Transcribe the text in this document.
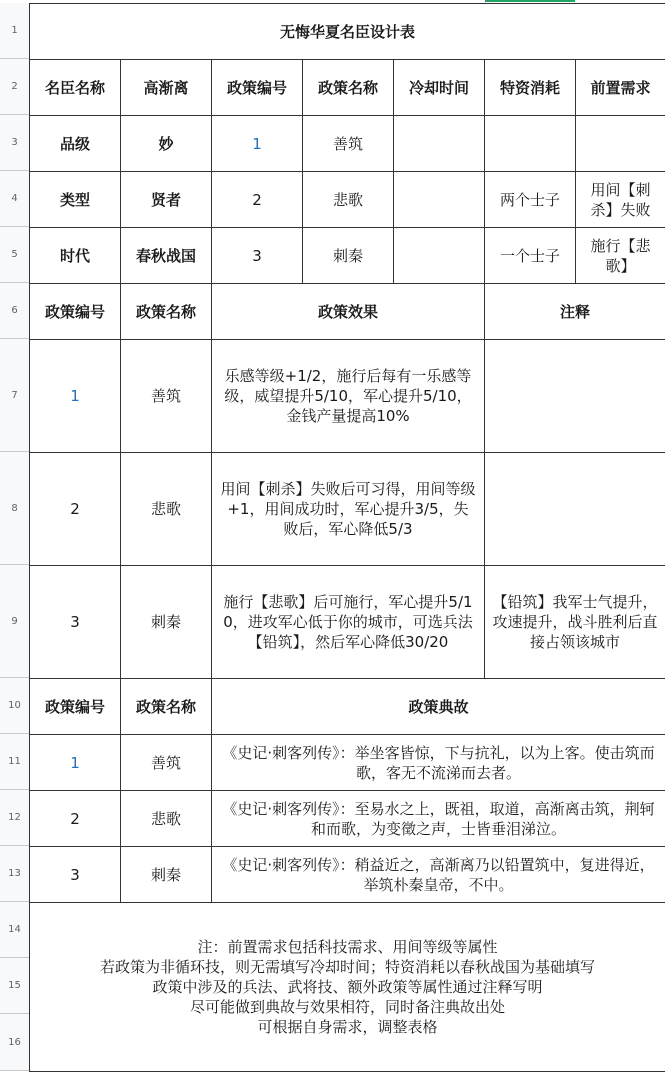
1
2
3
4
5
6
7
8
9
10
11
12
13
14
15
16
无悔华夏名臣设计表						
名臣名称	高渐离	政策编号	政策名称	冷却时间	特资消耗	前置需求
品级	妙	1	善筑			
类型	贤者	2	悲歌		两个士子	用间【刺杀】失败
时代	春秋战国	3	刺秦		一个士子	施行【悲歌】
政策编号	政策名称	政策效果			注释	
1	善筑	乐感等级+1/2，施行后每有一乐感等级，威望提升5/10，军心提升5/10，金钱产量提高10%				
2	悲歌	用间【刺杀】失败后可习得，用间等级+1，用间成功时，军心提升3/5，失败后，军心降低5/3				
3	刺秦	施行【悲歌】后可施行，军心提升5/10，进攻军心低于你的城市，可选兵法【铅筑】，然后军心降低30/20			【铅筑】我军士气提升，攻速提升，战斗胜利后直接占领该城市	
政策编号	政策名称	政策典故				
1	善筑	《史记·刺客列传》：举坐客皆惊，下与抗礼，以为上客。使击筑而歌，客无不流涕而去者。				
2	悲歌	《史记·刺客列传》：至易水之上，既祖，取道，高渐离击筑，荆轲和而歌，为变徵之声，士皆垂泪涕泣。				
3	刺秦	《史记·刺客列传》：稍益近之，高渐离乃以铅置筑中，复进得近，举筑朴秦皇帝，不中。				

注：前置需求包括科技需求、用间等级等属性
若政策为非循环技，则无需填写冷却时间；特资消耗以春秋战国为基础填写
政策中涉及的兵法、武将技、额外政策等属性通过注释写明
尽可能做到典故与效果相符，同时备注典故出处
可根据自身需求，调整表格						
